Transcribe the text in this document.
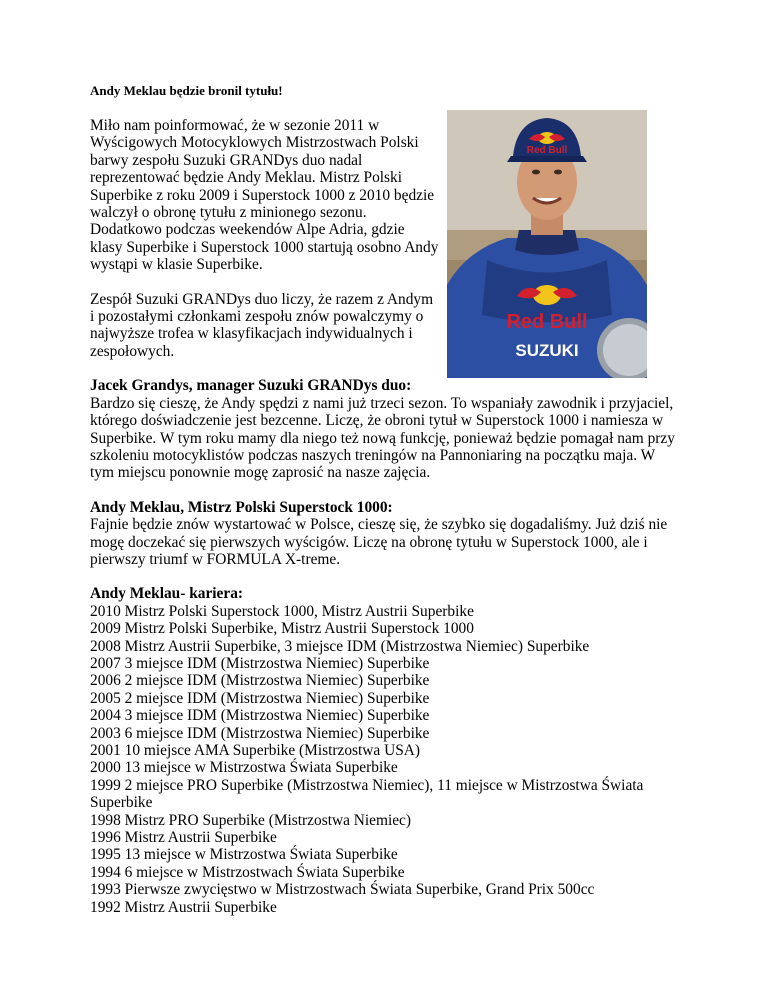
Andy Meklau będzie bronil tytułu!
Red Bull
SUZUKI
Red Bull

Miło nam poinformować, że w sezonie 2011 w Wyścigowych Motocyklowych Mistrzostwach Polski barwy zespołu Suzuki GRANDys duo nadal reprezentować będzie Andy Meklau. Mistrz Polski Superbike z roku 2009 i Superstock 1000 z 2010 będzie walczył o obronę tytułu z minionego sezonu. Dodatkowo podczas weekendów Alpe Adria, gdzie klasy Superbike i Superstock 1000 startują osobno Andy wystąpi w klasie Superbike.

Zespół Suzuki GRANDys duo liczy, że razem z Andym i pozostałymi członkami zespołu znów powalczymy o najwyższe trofea w klasyfikacjach indywidualnych i zespołowych.

Jacek Grandys, manager Suzuki GRANDys duo:

Bardzo się cieszę, że Andy spędzi z nami już trzeci sezon. To wspaniały zawodnik i przyjaciel, którego doświadczenie jest bezcenne. Liczę, że obroni tytuł w Superstock 1000 i namiesza w Superbike. W tym roku mamy dla niego też nową funkcję, ponieważ będzie pomagał nam przy szkoleniu motocyklistów podczas naszych treningów na Pannoniaring na początku maja. W tym miejscu ponownie mogę zaprosić na nasze zajęcia.

Andy Meklau, Mistrz Polski Superstock 1000:

Fajnie będzie znów wystartować w Polsce, cieszę się, że szybko się dogadaliśmy. Już dziś nie mogę doczekać się pierwszych wyścigów. Liczę na obronę tytułu w Superstock 1000, ale i pierwszy triumf w FORMULA X-treme.

Andy Meklau- kariera:
2010 Mistrz Polski Superstock 1000, Mistrz Austrii Superbike
2009 Mistrz Polski Superbike, Mistrz Austrii Superstock 1000
2008 Mistrz Austrii Superbike, 3 miejsce IDM (Mistrzostwa Niemiec) Superbike
2007 3 miejsce IDM (Mistrzostwa Niemiec) Superbike
2006 2 miejsce IDM (Mistrzostwa Niemiec) Superbike
2005 2 miejsce IDM (Mistrzostwa Niemiec) Superbike
2004 3 miejsce IDM (Mistrzostwa Niemiec) Superbike
2003 6 miejsce IDM (Mistrzostwa Niemiec) Superbike
2001 10 miejsce AMA Superbike (Mistrzostwa USA)
2000 13 miejsce w Mistrzostwa Świata Superbike
1999 2 miejsce PRO Superbike (Mistrzostwa Niemiec), 11 miejsce w Mistrzostwa Świata Superbike
1998 Mistrz PRO Superbike (Mistrzostwa Niemiec)
1996 Mistrz Austrii Superbike
1995 13 miejsce w Mistrzostwa Świata Superbike
1994 6 miejsce w Mistrzostwach Świata Superbike
1993 Pierwsze zwycięstwo w Mistrzostwach Świata Superbike, Grand Prix 500cc
1992 Mistrz Austrii Superbike
